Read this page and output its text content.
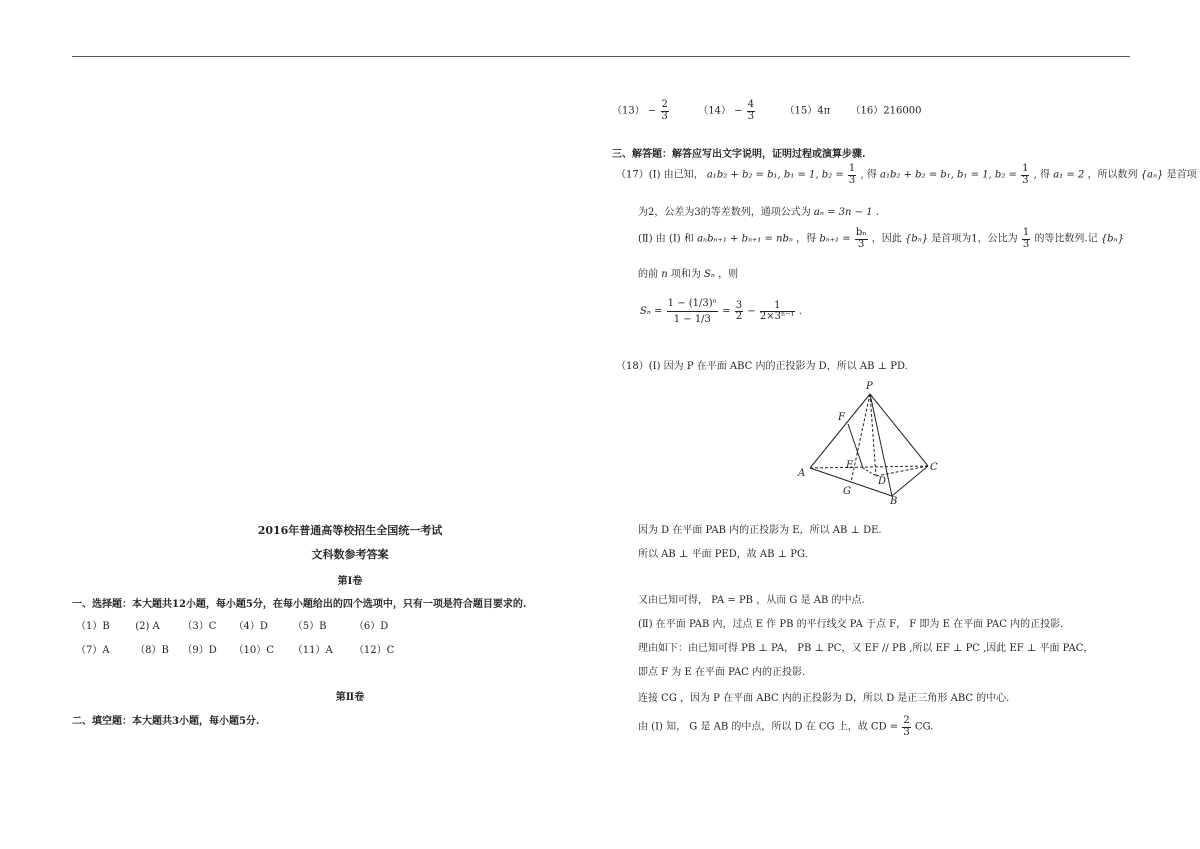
2016年普通高等校招生全国统一考试
文科数参考答案
第Ⅰ卷
一、选择题：本大题共12小题，每小题5分，在每小题给出的四个选项中，只有一项是符合题目要求的.
（1）B	(2) A （3）C （4）D （5）B	（6）D
（7）A	（8）B （9）D （10）C （11）A （12）C
第Ⅱ卷
二、填空题：本大题共3小题，每小题5分.
$(13) - \frac{2}{3}$	$(14) - \frac{4}{3}$	（15）4π （16）216000
三、解答题：解答应写出文字说明，证明过程或演算步骤.
（17）(Ⅰ) 由已知， a₁b₂ + b₂ = b₁, b₁ = 1, $b_2 = \frac{1}{3}$ , 得 a₁b₂ + b₂ = b₁, b₁ = 1, $b_2 = \frac{1}{3}$ , 得 a₁ = 2 ，所以数列 {aₙ} 是首项
为2，公差为3的等差数列，通项公式为 aₙ = 3n − 1 .
(Ⅱ) 由 (Ⅰ) 和 aₙbₙ₊₁ + bₙ₊₁ = nbₙ ，得 $b_{n+1} = \frac{\text{bₙ}}{3}$ ，因此 {bₙ} 是首项为1，公比为 $\frac{1}{3}$ 的等比数列.记 {bₙ}
的前 n 项和为 Sₙ ，则
$S_n = \frac{\text{1 − (1/3)ⁿ}}{1 - 1/3} = \frac{3}{2} - \frac{1}{\text{2×3ⁿ⁻¹}}$ .
（18）(Ⅰ) 因为 P 在平面 ABC 内的正投影为 D，所以 AB ⊥ PD.
P
F
A
E	C
D
G
B
因为 D 在平面 PAB 内的正投影为 E，所以 AB ⊥ DE.
所以 AB ⊥ 平面 PED，故 AB ⊥ PG.
又由已知可得， PA = PB ，从而 G 是 AB 的中点.
(Ⅱ) 在平面 PAB 内，过点 E 作 PB 的平行线交 PA 于点 F， F 即为 E 在平面 PAC 内的正投影.
理由如下：由已知可得 PB ⊥ PA， PB ⊥ PC，又 EF // PB ,所以 EF ⊥ PC ,因此 EF ⊥ 平面 PAC，
即点 F 为 E 在平面 PAC 内的正投影.
连接 CG ，因为 P 在平面 ABC 内的正投影为 D，所以 D 是正三角形 ABC 的中心.
由 (Ⅰ) 知， G 是 AB 的中点，所以 D 在 CG 上，故 CD = $\frac{2}{3}$ CG.
